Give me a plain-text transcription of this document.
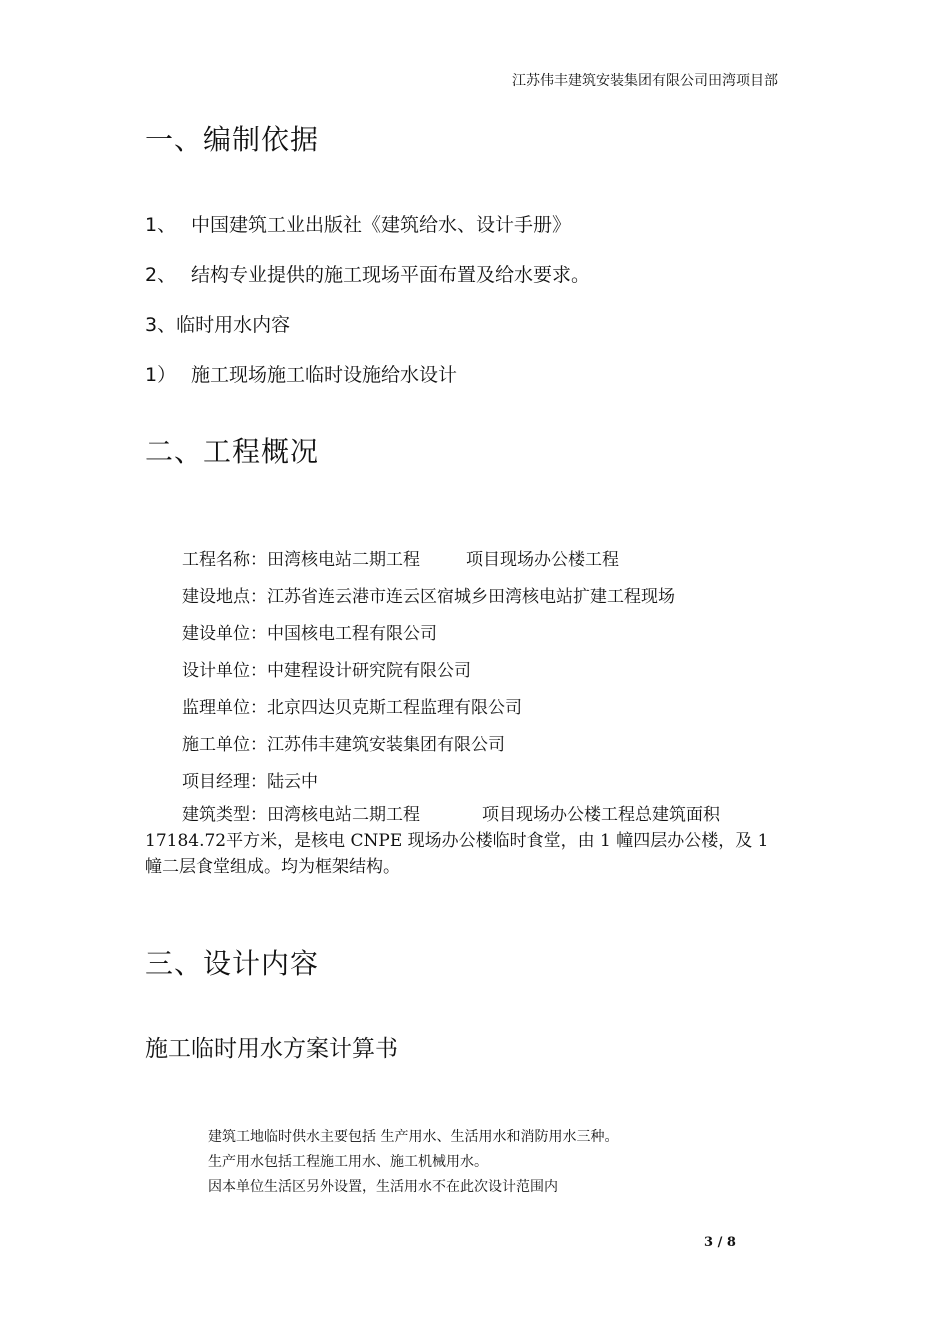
江苏伟丰建筑安装集团有限公司田湾项目部
一、编制依据
1、 中国建筑工业出版社《建筑给水、设计手册》
2、 结构专业提供的施工现场平面布置及给水要求。
3、临时用水内容
1） 施工现场施工临时设施给水设计
二、工程概况
工程名称：田湾核电站二期工程	项目现场办公楼工程
建设地点：江苏省连云港市连云区宿城乡田湾核电站扩建工程现场
建设单位：中国核电工程有限公司
设计单位：中建程设计研究院有限公司
监理单位：北京四达贝克斯工程监理有限公司
施工单位：江苏伟丰建筑安装集团有限公司
项目经理：陆云中
建筑类型：田湾核电站二期工程	项目现场办公楼工程总建筑面积
17184.72平方米，是核电 CNPE 现场办公楼临时食堂，由 1 幢四层办公楼，及 1
幢二层食堂组成。均为框架结构。
三、设计内容
施工临时用水方案计算书
建筑工地临时供水主要包括 生产用水、生活用水和消防用水三种。
生产用水包括工程施工用水、施工机械用水。
因本单位生活区另外设置，生活用水不在此次设计范围内
3 / 8
